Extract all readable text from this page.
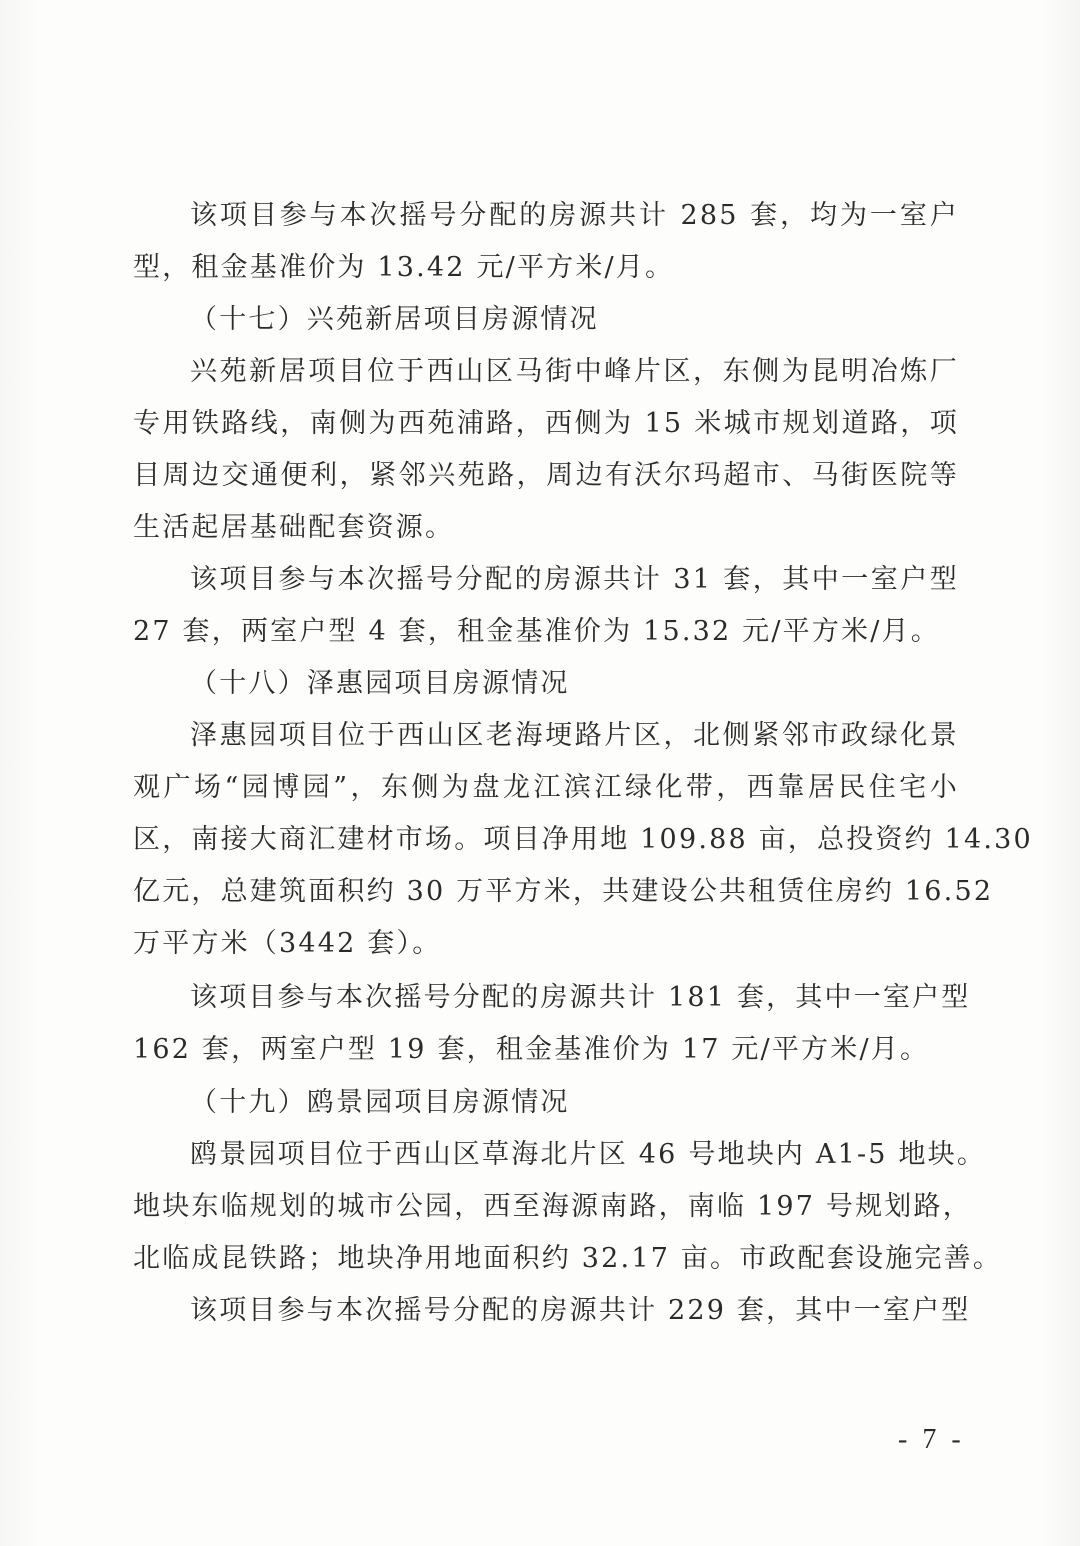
该项目参与本次摇号分配的房源共计 285 套，均为一室户
型，租金基准价为 13.42 元/平方米/月。
（十七）兴苑新居项目房源情况
兴苑新居项目位于西山区马街中峰片区，东侧为昆明冶炼厂
专用铁路线，南侧为西苑浦路，西侧为 15 米城市规划道路，项
目周边交通便利，紧邻兴苑路，周边有沃尔玛超市、马街医院等
生活起居基础配套资源。
该项目参与本次摇号分配的房源共计 31 套，其中一室户型
27 套，两室户型 4 套，租金基准价为 15.32 元/平方米/月。
（十八）泽惠园项目房源情况
泽惠园项目位于西山区老海埂路片区，北侧紧邻市政绿化景
观广场“园博园”，东侧为盘龙江滨江绿化带，西靠居民住宅小
区，南接大商汇建材市场。项目净用地 109.88 亩，总投资约 14.30
亿元，总建筑面积约 30 万平方米，共建设公共租赁住房约 16.52
万平方米（3442 套）。
该项目参与本次摇号分配的房源共计 181 套，其中一室户型
162 套，两室户型 19 套，租金基准价为 17 元/平方米/月。
（十九）鸥景园项目房源情况
鸥景园项目位于西山区草海北片区 46 号地块内 A1-5 地块。
地块东临规划的城市公园，西至海源南路，南临 197 号规划路，
北临成昆铁路；地块净用地面积约 32.17 亩。市政配套设施完善。
该项目参与本次摇号分配的房源共计 229 套，其中一室户型
- 7 -
